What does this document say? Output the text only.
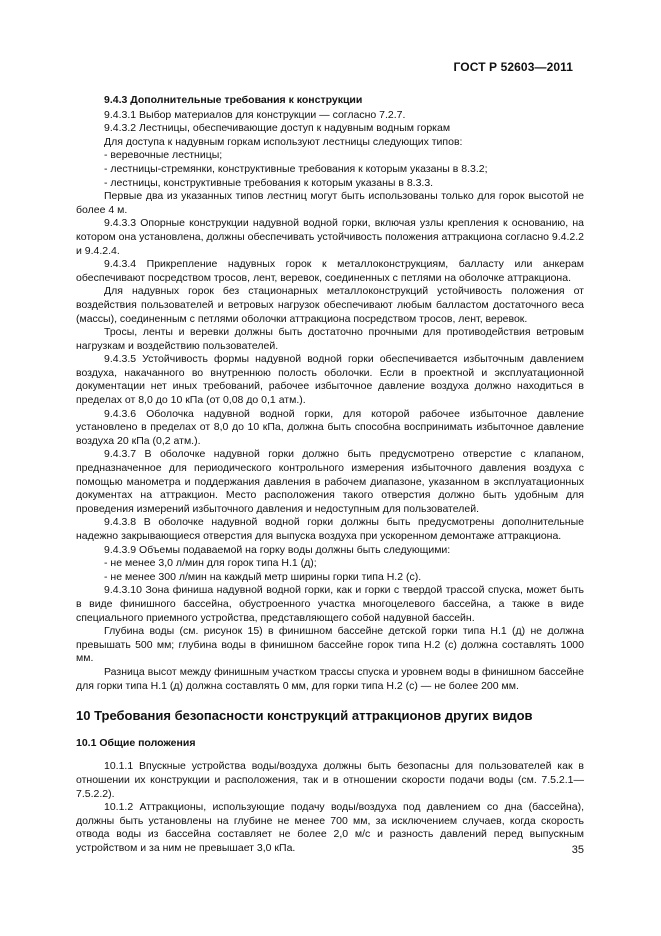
ГОСТ Р 52603—2011

9.4.3 Дополнительные требования к конструкции

9.4.3.1 Выбор материалов для конструкции — согласно 7.2.7.

9.4.3.2 Лестницы, обеспечивающие доступ к надувным водным горкам

Для доступа к надувным горкам используют лестницы следующих типов:

- веревочные лестницы;

- лестницы-стремянки, конструктивные требования к которым указаны в 8.3.2;

- лестницы, конструктивные требования к которым указаны в 8.3.3.

Первые два из указанных типов лестниц могут быть использованы только для горок высотой не более 4 м.

9.4.3.3 Опорные конструкции надувной водной горки, включая узлы крепления к основанию, на котором она установлена, должны обеспечивать устойчивость положения аттракциона согласно 9.4.2.2 и 9.4.2.4.

9.4.3.4 Прикрепление надувных горок к металлоконструкциям, балласту или анкерам обеспечивают посредством тросов, лент, веревок, соединенных с петлями на оболочке аттракциона.

Для надувных горок без стационарных металлоконструкций устойчивость положения от воздействия пользователей и ветровых нагрузок обеспечивают любым балластом достаточного веса (массы), соединенным с петлями оболочки аттракциона посредством тросов, лент, веревок.

Тросы, ленты и веревки должны быть достаточно прочными для противодействия ветровым нагрузкам и воздействию пользователей.

9.4.3.5 Устойчивость формы надувной водной горки обеспечивается избыточным давлением воздуха, накачанного во внутреннюю полость оболочки. Если в проектной и эксплуатационной документации нет иных требований, рабочее избыточное давление воздуха должно находиться в пределах от 8,0 до 10 кПа (от 0,08 до 0,1 атм.).

9.4.3.6 Оболочка надувной водной горки, для которой рабочее избыточное давление установлено в пределах от 8,0 до 10 кПа, должна быть способна воспринимать избыточное давление воздуха 20 кПа (0,2 атм.).

9.4.3.7 В оболочке надувной горки должно быть предусмотрено отверстие с клапаном, предназначенное для периодического контрольного измерения избыточного давления воздуха с помощью манометра и поддержания давления в рабочем диапазоне, указанном в эксплуатационных документах на аттракцион. Место расположения такого отверстия должно быть удобным для проведения измерений избыточного давления и недоступным для пользователей.

9.4.3.8 В оболочке надувной водной горки должны быть предусмотрены дополнительные надежно закрывающиеся отверстия для выпуска воздуха при ускоренном демонтаже аттракциона.

9.4.3.9 Объемы подаваемой на горку воды должны быть следующими:

- не менее 3,0 л/мин для горок типа Н.1 (д);

- не менее 300 л/мин на каждый метр ширины горки типа Н.2 (с).

9.4.3.10 Зона финиша надувной водной горки, как и горки с твердой трассой спуска, может быть в виде финишного бассейна, обустроенного участка многоцелевого бассейна, а также в виде специального приемного устройства, представляющего собой надувной бассейн.

Глубина воды (см. рисунок 15) в финишном бассейне детской горки типа Н.1 (д) не должна превышать 500 мм; глубина воды в финишном бассейне горок типа Н.2 (с) должна составлять 1000 мм.

Разница высот между финишным участком трассы спуска и уровнем воды в финишном бассейне для горки типа Н.1 (д) должна составлять 0 мм, для горки типа Н.2 (с) — не более 200 мм.

10 Требования безопасности конструкций аттракционов других видов

10.1 Общие положения

10.1.1 Впускные устройства воды/воздуха должны быть безопасны для пользователей как в отношении их конструкции и расположения, так и в отношении скорости подачи воды (см. 7.5.2.1—7.5.2.2).

10.1.2 Аттракционы, использующие подачу воды/воздуха под давлением со дна (бассейна), должны быть установлены на глубине не менее 700 мм, за исключением случаев, когда скорость отвода воды из бассейна составляет не более 2,0 м/с и разность давлений перед выпускным устройством и за ним не превышает 3,0 кПа.	35
